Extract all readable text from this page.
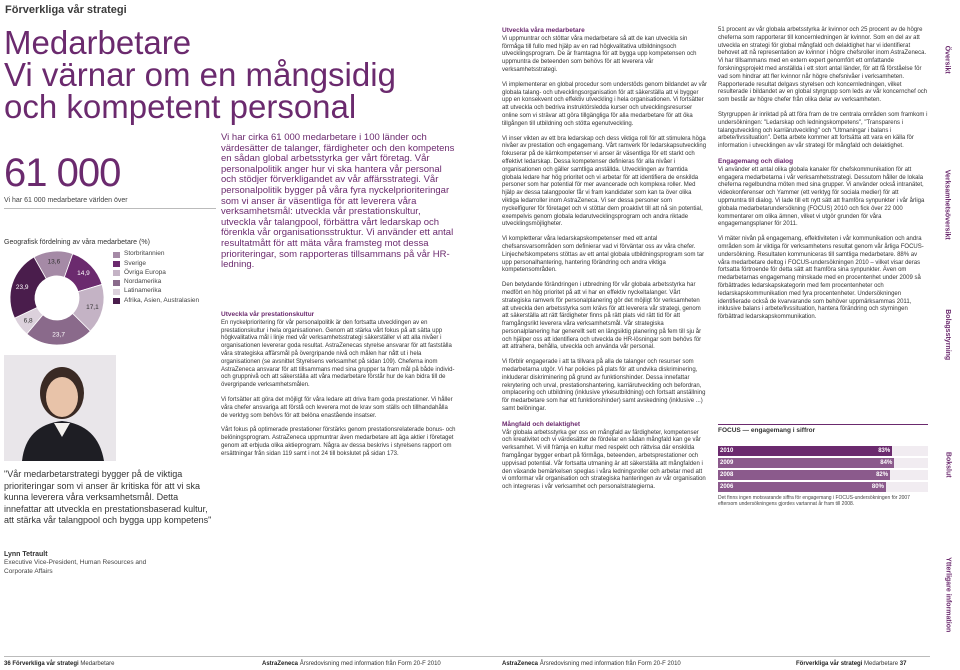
Förverkliga vår strategi
Medarbetare
Vi värnar om en mångsidig
och kompetent personal
61 000
Vi har 61 000 medarbetare världen över
Geografisk fördelning av våra medarbetare (%)
13,6
14,9
17,1
23,7
6,8
23,9
Storbritannien
Sverige
Övriga Europa
Nordamerika
Latinamerika
Afrika, Asien, Australasien
"Vår medarbetarstrategi bygger på de viktiga prioriteringar som vi anser är kritiska för att vi ska kunna leverera våra verksamhetsmål. Detta innefattar att utveckla en prestationsbaserad kultur, att stärka vår talangpool och bygga upp kompetens"
Lynn Tetrault
Executive Vice-President, Human Resources and Corporate Affairs
Vi har cirka 61 000 medarbetare i 100 länder och värdesätter de talanger, färdigheter och den kompetens en sådan global arbetsstyrka ger vårt företag. Vår personalpolitik anger hur vi ska hantera vår personal och stödjer förverkligandet av vår affärsstrategi. Vår personalpolitik bygger på våra fyra nyckelprioriteringar som vi anser är väsentliga för att leverera våra verksamhetsmål: utveckla vår prestationskultur, utveckla vår talangpool, förbättra vårt ledarskap och förenkla vår organisationsstruktur. Vi använder ett antal resultatmått för att mäta våra framsteg mot dessa prioriteringar, som rapporteras tillsammans på vår HR-ledning.
Utveckla vår prestationskultur

En nyckelprioritering för vår personalpolitik är den fortsatta utvecklingen av en prestationskultur i hela organisationen. Genom att stärka vårt fokus på att sätta upp högkvalitativa mål i linje med vår verksamhetsstrategi säkerställer vi att alla nivåer i organisationen levererar goda resultat. AstraZenecas styrelse ansvarar för att fastställa våra strategiska affärsmål på övergripande nivå och målen har nått ut i hela organisationen (se avsnittet Styrelsens verksamhet på sidan 109). Cheferna inom AstraZeneca ansvarar för att tillsammans med sina grupper ta fram mål på både individ- och gruppnivå och att säkerställa att våra medarbetare förstår hur de kan bidra till de övergripande verksamhetsmålen.

Vi fortsätter att göra det möjligt för våra ledare att driva fram goda prestationer. Vi håller våra chefer ansvariga att förstå och leverera mot de krav som ställs och tillhandahålla de verktyg som behövs för att belöna enastående insatser.

Vårt fokus på optimerade prestationer förstärks genom prestationsrelaterade bonus- och belöningsprogram. AstraZeneca uppmuntrar även medarbetare att äga aktier i företaget genom att erbjuda olika aktieprogram. Några av dessa beskrivs i styrelsens rapport om ersättningar från sidan 119 samt i not 24 till bokslutet på sidan 173.

Utveckla våra medarbetare

Vi uppmuntrar och stöttar våra medarbetare så att de kan utveckla sin förmåga till fullo med hjälp av en rad högkvalitativa utbildningsoch utvecklingsprogram. De är framtagna för att bygga upp kompetensen och uppmuntra de beteenden som behövs för att leverera vår verksamhetsstrategi.

Vi implementerar en global procedur som understöds genom bildandet av vår globala talang- och utvecklingsorganisation för att säkerställa att vi bygger upp en konsekvent och effektiv utveckling i hela organisationen. Vi fortsätter att utveckla och bedriva instruktörsledda kurser och utvecklingsresurser online som vi strävar att göra tillgängliga för alla medarbetare för att öka tillgången till utbildning och stötta egenutveckling.

Vi inser vikten av ett bra ledarskap och dess viktiga roll för att stimulera höga nivåer av prestation och engagemang. Vårt ramverk för ledarskapsutveckling fokuserar på de kärnkompetenser vi anser är väsentliga för ett starkt och effektivt ledarskap. Dessa kompetenser definieras för alla nivåer i organisationen och gäller samtliga anställda. Utvecklingen av framtida globala ledare har hög prioritet och vi arbetar för att identifiera de enskilda personer som har potential för mer avancerade och komplexa roller. Med hjälp av dessa talangpooler får vi fram kandidater som kan ta över olika viktiga ledarroller inom AstraZeneca. Vi ser dessa personer som nyckelfigurer för företaget och vi stöttar dem proaktivt till att nå sin potential, exempelvis genom globala ledarutvecklingsprogram och andra riktade utvecklingsmöjligheter.

Vi kompletterar våra ledarskapskompetenser med ett antal chefsansvarsområden som definierar vad vi förväntar oss av våra chefer. Linjechefskompetens stöttas av ett antal globala utbildningsprogram som tar upp personalhantering, hantering förändring och andra viktiga kompetensområden.

Den betydande förändringen i utbredning för vår globala arbetsstyrka har medfört en hög prioritet på att vi har en effektiv nyckeltalanger. Vårt strategiska ramverk för personalplanering gör det möjligt för verksamheten att utveckla den arbetsstyrka som krävs för att leverera vår strategi, genom att säkerställa att rätt färdigheter finns på rätt plats vid rätt tid för att framgångsrikt leverera våra verksamhetsmål. Vår strategiska personalplanering har generellt sett en längsiktig planering på fem till sju år och hjälper oss att identifiera och utveckla de HR-lösningar som behövs för att attrahera, behålla, utveckla och använda vår personal.

Vi förblir engagerade i att ta tillvara på alla de talanger och resurser som medarbetarna utgör. Vi har policies på plats för att undvika diskriminering, inkluderar diskriminering på grund av funktionshinder. Dessa innefattar rekrytering och urval, prestationshantering, karriärutveckling och befordran, omplacering och utbildning (inklusive yrkesutbildning) och fortsatt anställning för medarbetare som har ett funktionshinder) samt avskedning (inklusive ...) samt belöningar.

Mångfald och delaktighet

Vår globala arbetsstyrka ger oss en mångfald av färdigheter, kompetenser och kreativitet och vi värdesätter de fördelar en sådan mångfald kan ge vår verksamhet. Vi vill främja en kultur med respekt och rättvisa där enskilda framgångar bygger enbart på förmåga, beteenden, arbetsprestationer och uppvisad potential. Vår fortsatta utmaning är att säkerställa att mångfalden i den växande bemärkelsen speglas i våra ledningsroller och arbetar med att vi omformar vår organisation och strategiska hanteringen av vår organisation och integreras i vår verksamhet och personalstrategierna.

51 procent av vår globala arbetsstyrka är kvinnor och 25 procent av de högre cheferna som rapporterar till koncernledningen är kvinnor. Som en del av att utveckla en strategi för global mångfald och delaktighet har vi identifierat behovet att nå representation av kvinnor i högre chefsroller inom AstraZeneca. Vi har tillsammans med en extern expert genomfört ett omfattande forskningsprojekt med anställda i ett stort antal länder, för att få förståelse för vad som hindrar att fler kvinnor når högre chefsnivåer i verksamheten. Rapporterade resultat delgavs styrelsen och koncernledningen, vilket resulterade i bildandet av en global styrgrupp som leds av vår koncernchef och som består av högre chefer från olika delar av verksamheten.

Styrgruppen är inriktad på att föra fram de tre centrala områden som framkom i undersökningen: "Ledarskap och ledningskompetens", "Transparens i talangutveckling och karriärutveckling" och "Utmaningar i balans i arbete/livssituation". Detta arbete kommer att fortsätta att vara en källa för information i utvecklingen av vår strategi för mångfald och delaktighet.

Engagemang och dialog

Vi använder ett antal olika globala kanaler för chefskommunikation för att engagera medarbetarna i vår verksamhetsstrategi. Dessutom håller de lokala cheferna regelbundna möten med sina grupper. Vi använder också intranätet, videokonferenser och Yammer (ett verktyg för sociala medier) för att uppmuntra till dialog. Vi lade till ett nytt sätt att framföra synpunkter i vår årliga globala medarbetarundersökning (FOCUS) 2010 och fick över 22 000 kommentarer om olika ämnen, vilket vi utgör grunden för våra engagemangsplaner för 2011.

Vi mäter nivån på engagemang, effektiviteten i vår kommunikation och andra områden som är viktiga för verksamhetens resultat genom vår årliga FOCUS-undersökning. Resultaten kommuniceras till samtliga medarbetare. 88% av våra medarbetare deltog i FOCUS-undersökningen 2010 – vilket visar deras fortsatta förtroende för detta sätt att framföra sina synpunkter. Även om medarbetarnas engagemang minskade med en procentenhet under 2009 så förbättrades ledarskapskategorin med fem procentenheter och ledarskapskommunikation med fyra procentenheter. Undersökningen identifierade också de kvarvarande som behöver uppmärksammas 2011, inklusive balans i arbete/livssituation, hantera förändring och styrningen förbättrad ledarskapskommunikation.

FOCUS — engagemang i siffror
2010	83%
2009	84%
2008	82%
2006	80%
Det finns ingen motsvarande siffra för engagemang i FOCUS-undersökningen för 2007 eftersom undersökningens gjordes vartannat år fram till 2008.
Översikt
Verksamhetsöversikt
Bolagsstyrning
Bokslut
Ytterligare information
36 Förverkliga vår strategi Medarbetare	AstraZeneca Årsredovisning med information från Form 20-F 2010	AstraZeneca Årsredovisning med information från Form 20-F 2010	Förverkliga vår strategi Medarbetare 37
